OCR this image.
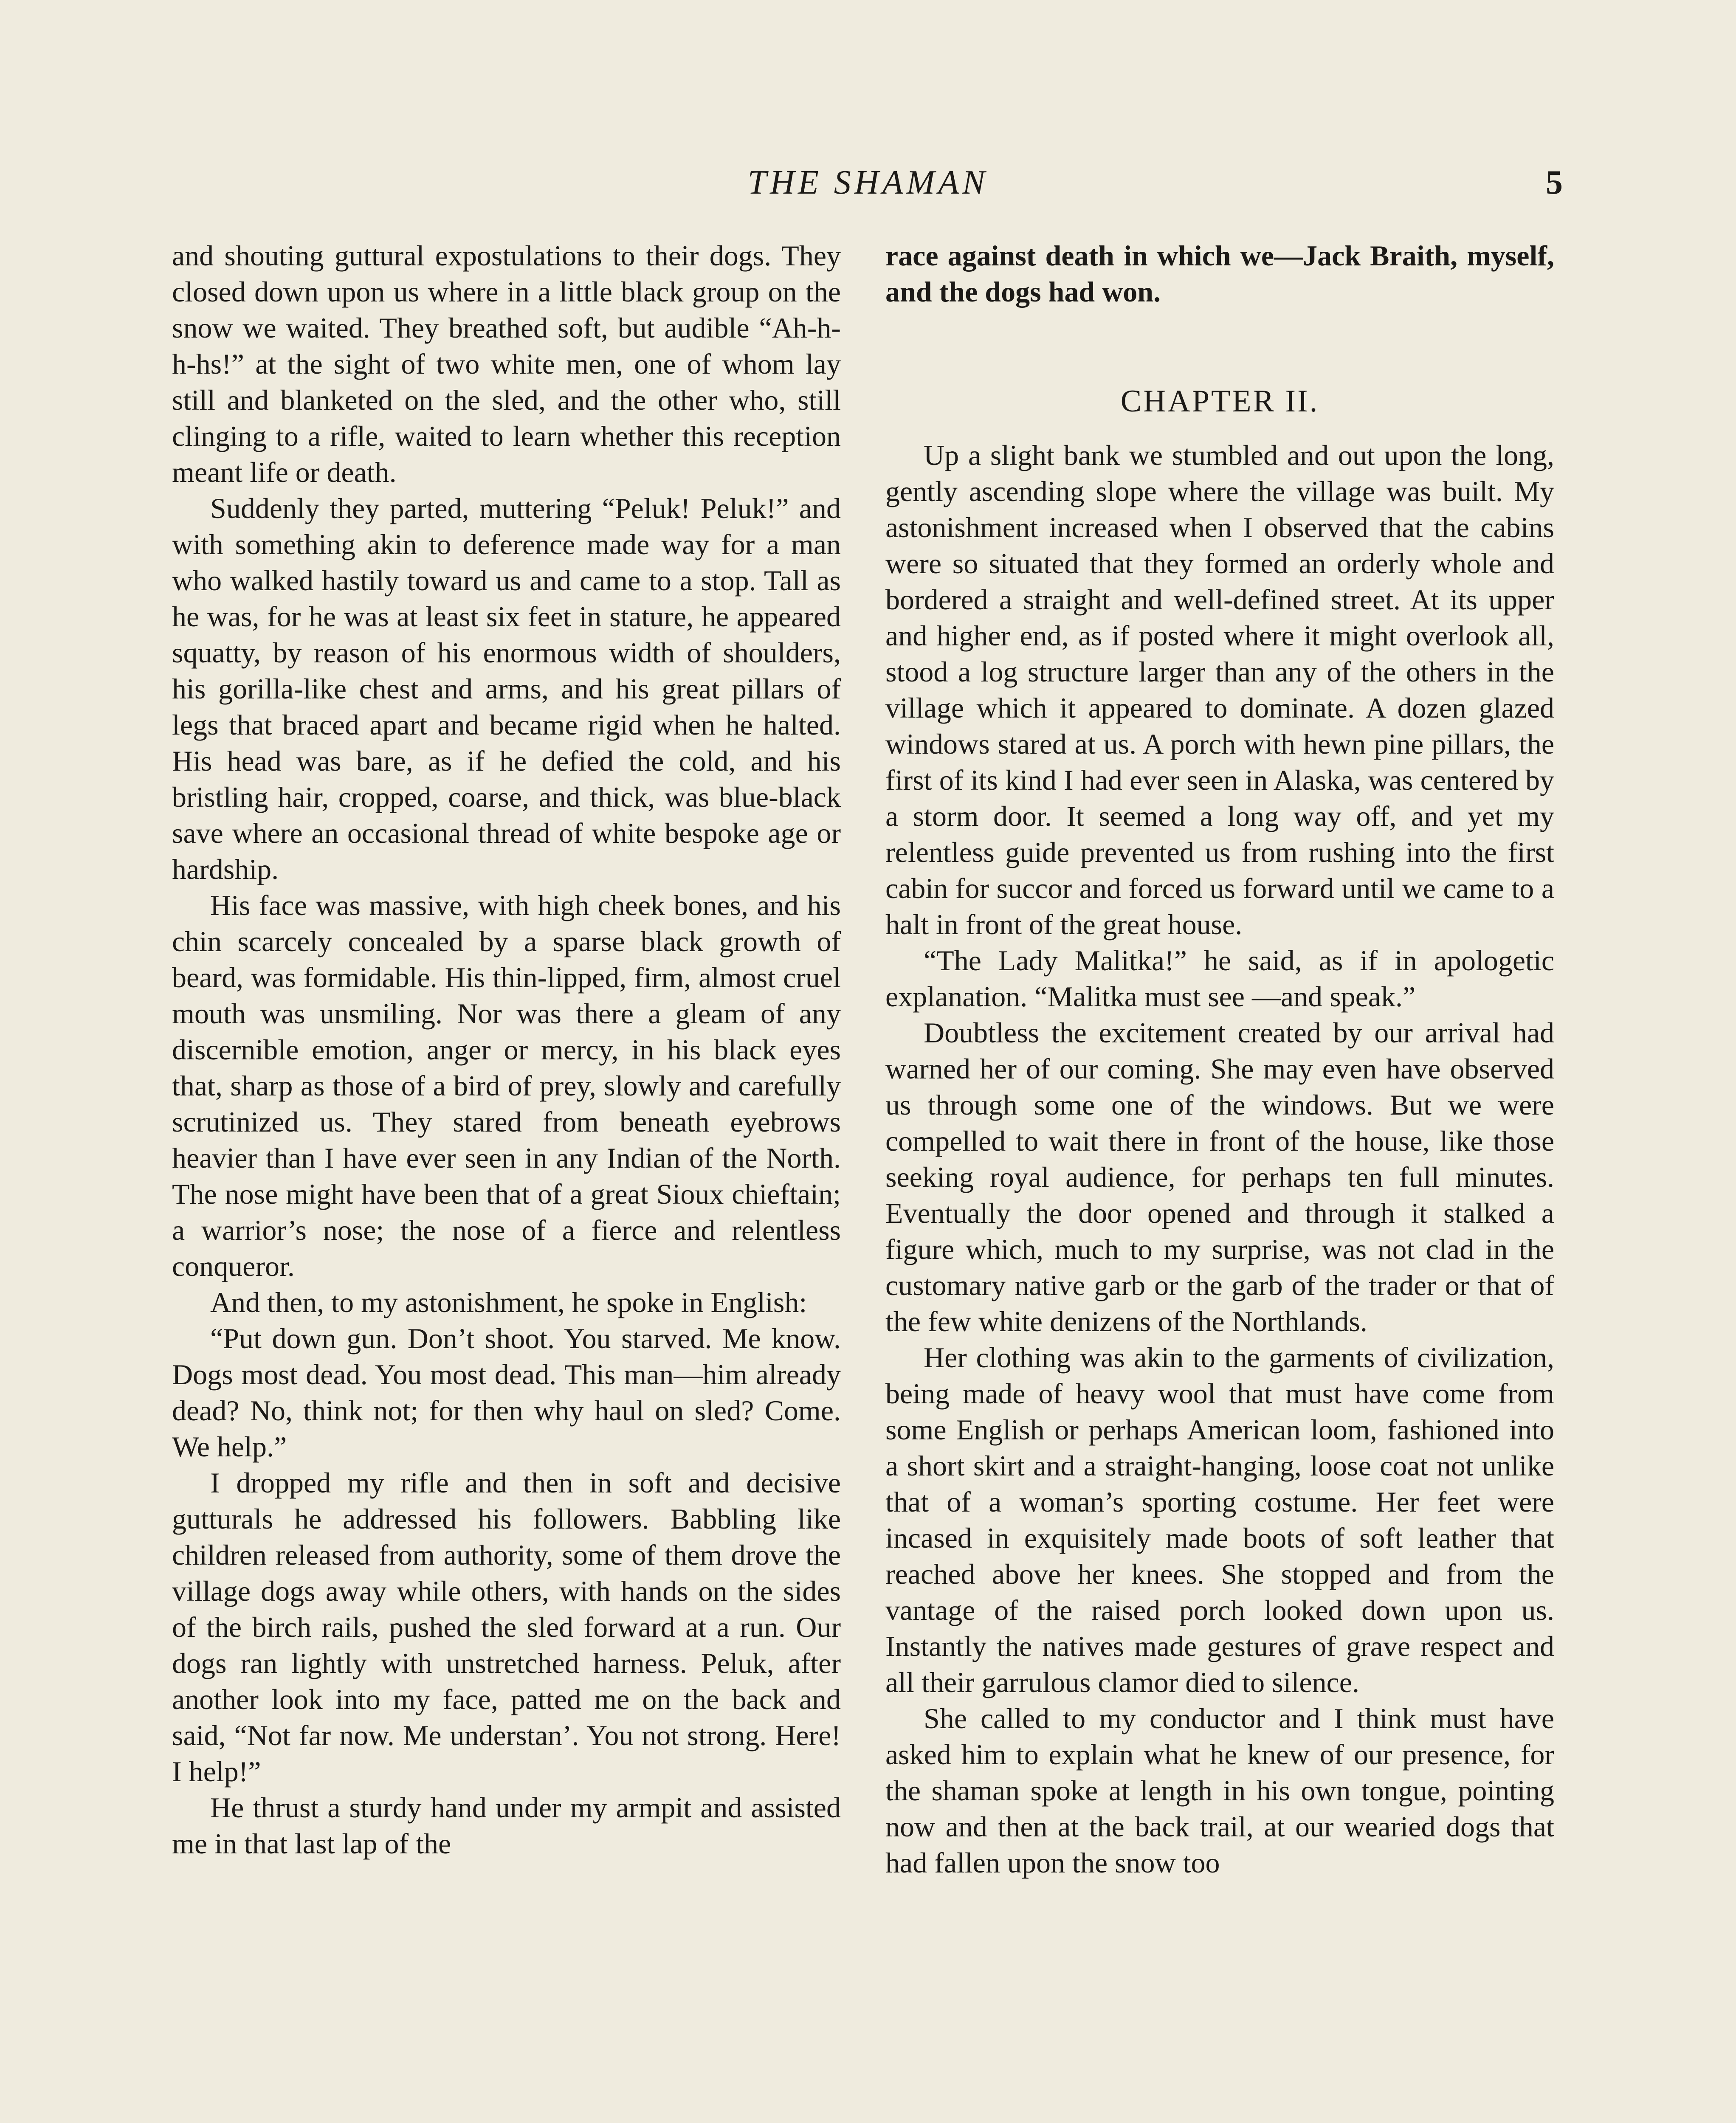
THE SHAMAN	5

and shouting guttural expostulations to their dogs. They closed down upon us where in a little black group on the snow we waited. They breathed soft, but audible “Ah-h-h-hs!” at the sight of two white men, one of whom lay still and blanketed on the sled, and the other who, still clinging to a rifle, waited to learn whether this reception meant life or death.

Suddenly they parted, muttering “Peluk! Peluk!” and with something akin to deference made way for a man who walked hastily toward us and came to a stop. Tall as he was, for he was at least six feet in stature, he appeared squatty, by reason of his enormous width of shoulders, his gorilla-like chest and arms, and his great pillars of legs that braced apart and became rigid when he halted. His head was bare, as if he defied the cold, and his bristling hair, cropped, coarse, and thick, was blue-black save where an occasional thread of white bespoke age or hardship.

His face was massive, with high cheek bones, and his chin scarcely concealed by a sparse black growth of beard, was formidable. His thin-lipped, firm, almost cruel mouth was unsmiling. Nor was there a gleam of any discernible emotion, anger or mercy, in his black eyes that, sharp as those of a bird of prey, slowly and carefully scrutinized us. They stared from beneath eyebrows heavier than I have ever seen in any Indian of the North. The nose might have been that of a great Sioux chieftain; a warrior’s nose; the nose of a fierce and relentless conqueror.

And then, to my astonishment, he spoke in English:

“Put down gun. Don’t shoot. You starved. Me know. Dogs most dead. You most dead. This man—him already dead? No, think not; for then why haul on sled? Come. We help.”

I dropped my rifle and then in soft and decisive gutturals he addressed his followers. Babbling like children released from authority, some of them drove the village dogs away while others, with hands on the sides of the birch rails, pushed the sled forward at a run. Our dogs ran lightly with unstretched harness. Peluk, after another look into my face, patted me on the back and said, “Not far now. Me understan’. You not strong. Here! I help!”

He thrust a sturdy hand under my armpit and assisted me in that last lap of the

race against death in which we—Jack Braith, myself, and the dogs had won.

CHAPTER II.

Up a slight bank we stumbled and out upon the long, gently ascending slope where the village was built. My astonishment increased when I observed that the cabins were so situated that they formed an orderly whole and bordered a straight and well-defined street. At its upper and higher end, as if posted where it might overlook all, stood a log structure larger than any of the others in the village which it appeared to dominate. A dozen glazed windows stared at us. A porch with hewn pine pillars, the first of its kind I had ever seen in Alaska, was centered by a storm door. It seemed a long way off, and yet my relentless guide prevented us from rushing into the first cabin for succor and forced us forward until we came to a halt in front of the great house.

“The Lady Malitka!” he said, as if in apologetic explanation. “Malitka must see —and speak.”

Doubtless the excitement created by our arrival had warned her of our coming. She may even have observed us through some one of the windows. But we were compelled to wait there in front of the house, like those seeking royal audience, for perhaps ten full minutes. Eventually the door opened and through it stalked a figure which, much to my surprise, was not clad in the customary native garb or the garb of the trader or that of the few white denizens of the Northlands.

Her clothing was akin to the garments of civilization, being made of heavy wool that must have come from some English or perhaps American loom, fashioned into a short skirt and a straight-hanging, loose coat not unlike that of a woman’s sporting costume. Her feet were incased in exquisitely made boots of soft leather that reached above her knees. She stopped and from the vantage of the raised porch looked down upon us. Instantly the natives made gestures of grave respect and all their garrulous clamor died to silence.

She called to my conductor and I think must have asked him to explain what he knew of our presence, for the shaman spoke at length in his own tongue, pointing now and then at the back trail, at our wearied dogs that had fallen upon the snow too
